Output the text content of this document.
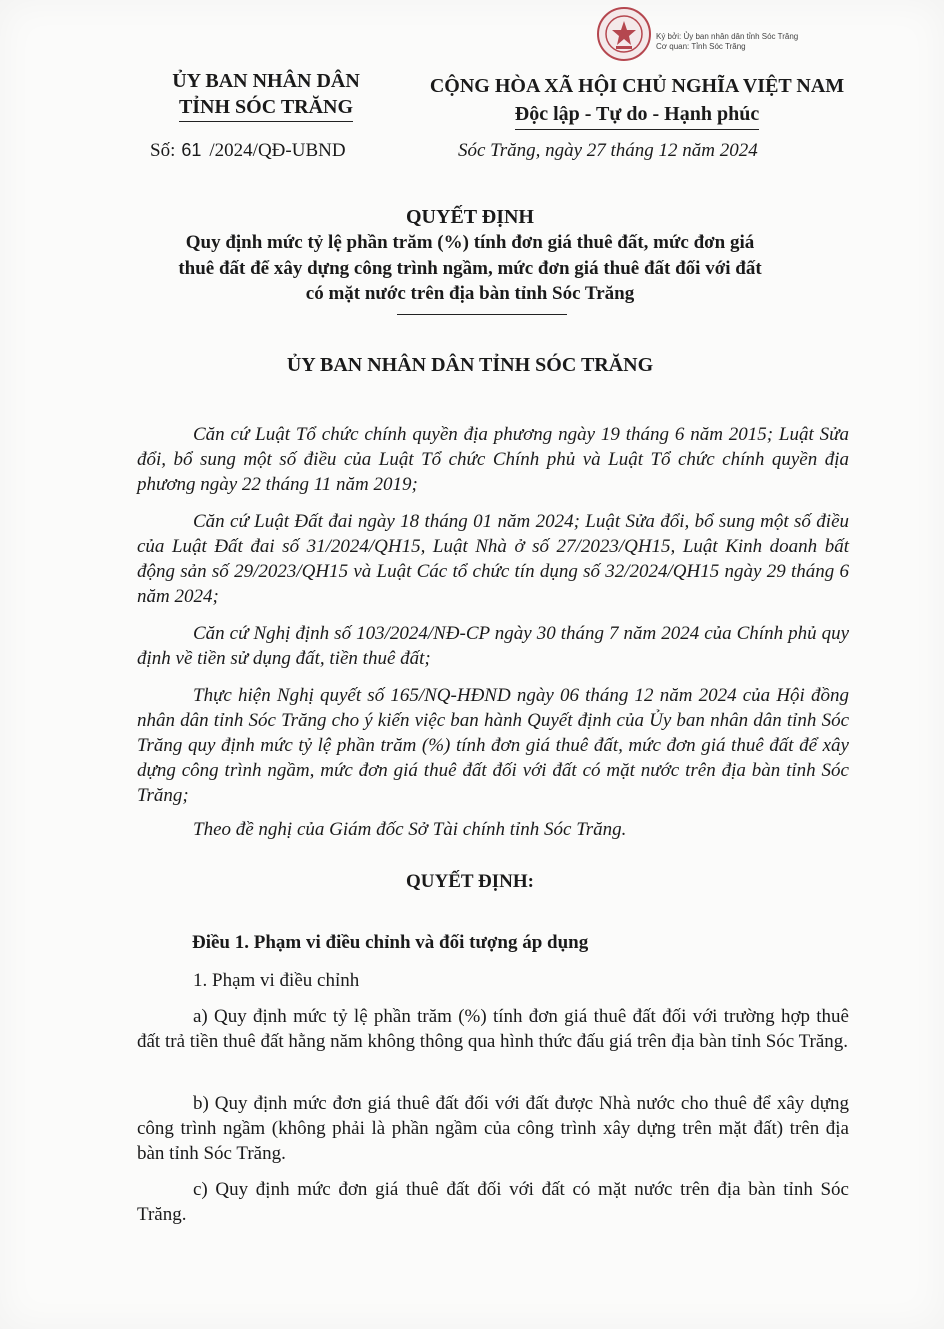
Ký bởi: Ủy ban nhân dân tỉnh Sóc Trăng
Cơ quan: Tỉnh Sóc Trăng
ỦY BAN NHÂN DÂN
TỈNH SÓC TRĂNG
CỘNG HÒA XÃ HỘI CHỦ NGHĨA VIỆT NAM
Độc lập - Tự do - Hạnh phúc
Số: 61 /2024/QĐ-UBND	Sóc Trăng, ngày 27 tháng 12 năm 2024
QUYẾT ĐỊNH
Quy định mức tỷ lệ phần trăm (%) tính đơn giá thuê đất, mức đơn giá
thuê đất để xây dựng công trình ngầm, mức đơn giá thuê đất đối với đất
có mặt nước trên địa bàn tỉnh Sóc Trăng
ỦY BAN NHÂN DÂN TỈNH SÓC TRĂNG
Căn cứ Luật Tổ chức chính quyền địa phương ngày 19 tháng 6 năm 2015; Luật Sửa đổi, bổ sung một số điều của Luật Tổ chức Chính phủ và Luật Tổ chức chính quyền địa phương ngày 22 tháng 11 năm 2019;
Căn cứ Luật Đất đai ngày 18 tháng 01 năm 2024; Luật Sửa đổi, bổ sung một số điều của Luật Đất đai số 31/2024/QH15, Luật Nhà ở số 27/2023/QH15, Luật Kinh doanh bất động sản số 29/2023/QH15 và Luật Các tổ chức tín dụng số 32/2024/QH15 ngày 29 tháng 6 năm 2024;
Căn cứ Nghị định số 103/2024/NĐ-CP ngày 30 tháng 7 năm 2024 của Chính phủ quy định về tiền sử dụng đất, tiền thuê đất;
Thực hiện Nghị quyết số 165/NQ-HĐND ngày 06 tháng 12 năm 2024 của Hội đồng nhân dân tỉnh Sóc Trăng cho ý kiến việc ban hành Quyết định của Ủy ban nhân dân tỉnh Sóc Trăng quy định mức tỷ lệ phần trăm (%) tính đơn giá thuê đất, mức đơn giá thuê đất để xây dựng công trình ngầm, mức đơn giá thuê đất đối với đất có mặt nước trên địa bàn tỉnh Sóc Trăng;
Theo đề nghị của Giám đốc Sở Tài chính tỉnh Sóc Trăng.
QUYẾT ĐỊNH:
Điều 1. Phạm vi điều chỉnh và đối tượng áp dụng
1. Phạm vi điều chỉnh
a) Quy định mức tỷ lệ phần trăm (%) tính đơn giá thuê đất đối với trường hợp thuê đất trả tiền thuê đất hằng năm không thông qua hình thức đấu giá trên địa bàn tỉnh Sóc Trăng.
b) Quy định mức đơn giá thuê đất đối với đất được Nhà nước cho thuê để xây dựng công trình ngầm (không phải là phần ngầm của công trình xây dựng trên mặt đất) trên địa bàn tỉnh Sóc Trăng.
c) Quy định mức đơn giá thuê đất đối với đất có mặt nước trên địa bàn tỉnh Sóc Trăng.
